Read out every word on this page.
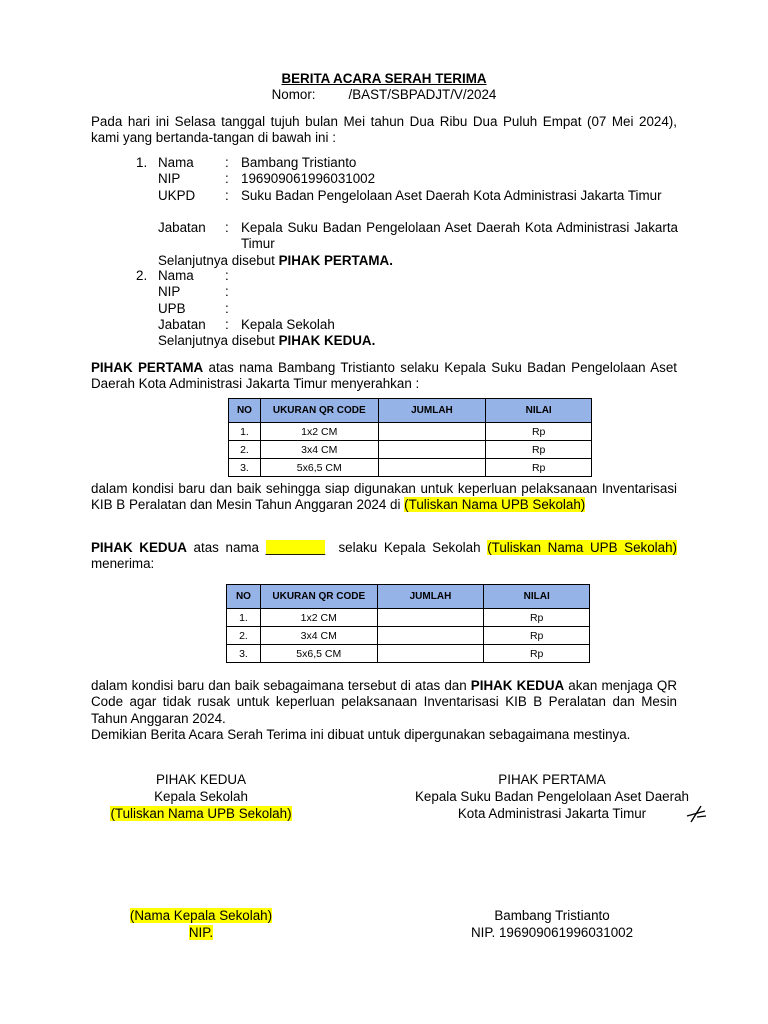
BERITA ACARA SERAH TERIMA
Nomor: /BAST/SBPADJT/V/2024
Pada hari ini Selasa tanggal tujuh bulan Mei tahun Dua Ribu Dua Puluh Empat (07 Mei 2024), kami yang bertanda-tangan di bawah ini :
1. Nama : Bambang Tristianto
NIP	: 196909061996031002
UKPD : Suku Badan Pengelolaan Aset Daerah Kota Administrasi Jakarta Timur
Jabatan : Kepala Suku Badan Pengelolaan Aset Daerah Kota Administrasi Jakarta Timur
Selanjutnya disebut PIHAK PERTAMA.
2. Nama :
NIP	:
UPB	:
Jabatan : Kepala Sekolah
Selanjutnya disebut PIHAK KEDUA.
PIHAK PERTAMA atas nama Bambang Tristianto selaku Kepala Suku Badan Pengelolaan Aset Daerah Kota Administrasi Jakarta Timur menyerahkan :
NO	UKURAN QR CODE	JUMLAH	NILAI
1.	1x2 CM		Rp
2.	3x4 CM		Rp
3.	5x6,5 CM		Rp
dalam kondisi baru dan baik sehingga siap digunakan untuk keperluan pelaksanaan Inventarisasi KIB B Peralatan dan Mesin Tahun Anggaran 2024 di (Tuliskan Nama UPB Sekolah)
PIHAK KEDUA atas nama ________  selaku Kepala Sekolah (Tuliskan Nama UPB Sekolah) menerima:
NO	UKURAN QR CODE	JUMLAH	NILAI
1.	1x2 CM		Rp
2.	3x4 CM		Rp
3.	5x6,5 CM		Rp
dalam kondisi baru dan baik sebagaimana tersebut di atas dan PIHAK KEDUA akan menjaga QR Code agar tidak rusak untuk keperluan pelaksanaan Inventarisasi KIB B Peralatan dan Mesin Tahun Anggaran 2024.
Demikian Berita Acara Serah Terima ini dibuat untuk dipergunakan sebagaimana mestinya.
PIHAK KEDUA
Kepala Sekolah
(Tuliskan Nama UPB Sekolah)
(Nama Kepala Sekolah)
NIP.
PIHAK PERTAMA
Kepala Suku Badan Pengelolaan Aset Daerah
Kota Administrasi Jakarta Timur
Bambang Tristianto
NIP. 196909061996031002
